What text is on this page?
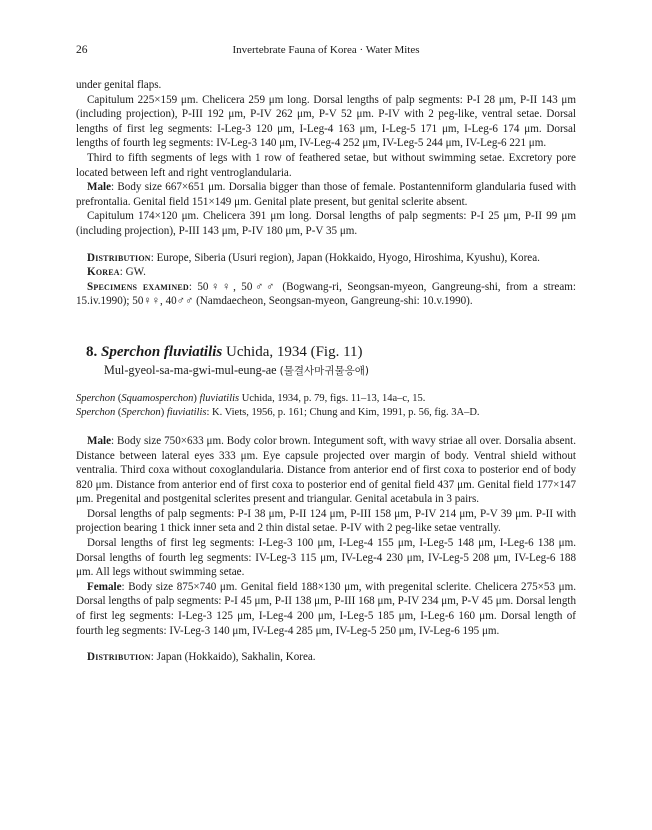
26	Invertebrate Fauna of Korea · Water Mites

under genital flaps.

Capitulum 225×159 μm. Chelicera 259 μm long. Dorsal lengths of palp segments: P-I 28 μm, P-II 143 μm (including projection), P-III 192 μm, P-IV 262 μm, P-V 52 μm. P-IV with 2 peg-like, ventral setae. Dorsal lengths of first leg segments: I-Leg-3 120 μm, I-Leg-4 163 μm, I-Leg-5 171 μm, I-Leg-6 174 μm. Dorsal lengths of fourth leg segments: IV-Leg-3 140 μm, IV-Leg-4 252 μm, IV-Leg-5 244 μm, IV-Leg-6 221 μm.

Third to fifth segments of legs with 1 row of feathered setae, but without swimming setae. Excretory pore located between left and right ventroglandularia.

Male: Body size 667×651 μm. Dorsalia bigger than those of female. Postantenniform glandularia fused with prefrontalia. Genital field 151×149 μm. Genital plate present, but genital sclerite absent.

Capitulum 174×120 μm. Chelicera 391 μm long. Dorsal lengths of palp segments: P-I 25 μm, P-II 99 μm (including projection), P-III 143 μm, P-IV 180 μm, P-V 35 μm.

Distribution: Europe, Siberia (Usuri region), Japan (Hokkaido, Hyogo, Hiroshima, Kyushu), Korea.

Korea: GW.

Specimens examined: 50♀♀, 50♂♂ (Bogwang-ri, Seongsan-myeon, Gangreung-shi, from a stream: 15.iv.1990); 50♀♀, 40♂♂ (Namdaecheon, Seongsan-myeon, Gangreung-shi: 10.v.1990).

8. Sperchon fluviatilis Uchida, 1934 (Fig. 11)
Mul-gyeol-sa-ma-gwi-mul-eung-ae (물결사마귀물응애)

Sperchon (Squamosperchon) fluviatilis Uchida, 1934, p. 79, figs. 11–13, 14a–c, 15.

Sperchon (Sperchon) fiuviatilis: K. Viets, 1956, p. 161; Chung and Kim, 1991, p. 56, fig. 3A–D.

Male: Body size 750×633 μm. Body color brown. Integument soft, with wavy striae all over. Dorsalia absent. Distance between lateral eyes 333 μm. Eye capsule projected over margin of body. Ventral shield without ventralia. Third coxa without coxoglandularia. Distance from anterior end of first coxa to posterior end of body 820 μm. Distance from anterior end of first coxa to posterior end of genital field 437 μm. Genital field 177×147 μm. Pregenital and postgenital sclerites present and triangular. Genital acetabula in 3 pairs.

Dorsal lengths of palp segments: P-I 38 μm, P-II 124 μm, P-III 158 μm, P-IV 214 μm, P-V 39 μm. P-II with projection bearing 1 thick inner seta and 2 thin distal setae. P-IV with 2 peg-like setae ventrally.

Dorsal lengths of first leg segments: I-Leg-3 100 μm, I-Leg-4 155 μm, I-Leg-5 148 μm, I-Leg-6 138 μm. Dorsal lengths of fourth leg segments: IV-Leg-3 115 μm, IV-Leg-4 230 μm, IV-Leg-5 208 μm, IV-Leg-6 188 μm. All legs without swimming setae.

Female: Body size 875×740 μm. Genital field 188×130 μm, with pregenital sclerite. Chelicera 275×53 μm. Dorsal lengths of palp segments: P-I 45 μm, P-II 138 μm, P-III 168 μm, P-IV 234 μm, P-V 45 μm. Dorsal length of first leg segments: I-Leg-3 125 μm, I-Leg-4 200 μm, I-Leg-5 185 μm, I-Leg-6 160 μm. Dorsal length of fourth leg segments: IV-Leg-3 140 μm, IV-Leg-4 285 μm, IV-Leg-5 250 μm, IV-Leg-6 195 μm.

Distribution: Japan (Hokkaido), Sakhalin, Korea.
